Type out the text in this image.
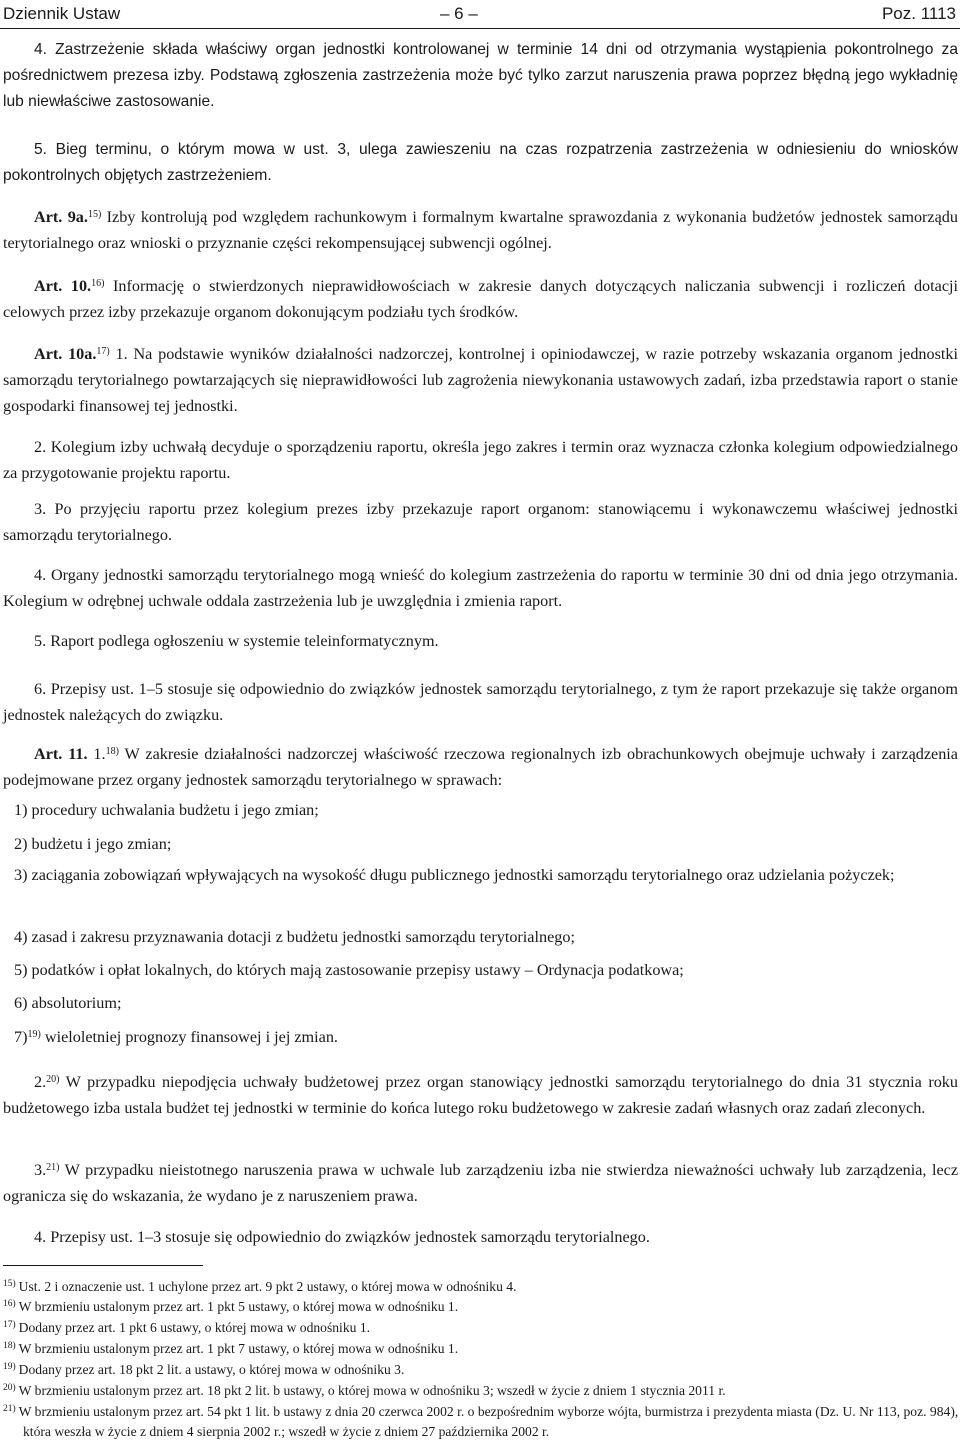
Dziennik Ustaw	– 6 –	Poz. 1113

4. Zastrzeżenie składa właściwy organ jednostki kontrolowanej w terminie 14 dni od otrzymania wystąpienia pokontrolnego za pośrednictwem prezesa izby. Podstawą zgłoszenia zastrzeżenia może być tylko zarzut naruszenia prawa poprzez błędną jego wykładnię lub niewłaściwe zastosowanie.

5. Bieg terminu, o którym mowa w ust. 3, ulega zawieszeniu na czas rozpatrzenia zastrzeżenia w odniesieniu do wniosków pokontrolnych objętych zastrzeżeniem.

Art. 9a.$^{15)}$ Izby kontrolują pod względem rachunkowym i formalnym kwartalne sprawozdania z wykonania budżetów jednostek samorządu terytorialnego oraz wnioski o przyznanie części rekompensującej subwencji ogólnej.

Art. 10.$^{16)}$ Informację o stwierdzonych nieprawidłowościach w zakresie danych dotyczących naliczania subwencji i rozliczeń dotacji celowych przez izby przekazuje organom dokonującym podziału tych środków.

Art. 10a.$^{17)}$ 1. Na podstawie wyników działalności nadzorczej, kontrolnej i opiniodawczej, w razie potrzeby wskazania organom jednostki samorządu terytorialnego powtarzających się nieprawidłowości lub zagrożenia niewykonania ustawowych zadań, izba przedstawia raport o stanie gospodarki finansowej tej jednostki.

2. Kolegium izby uchwałą decyduje o sporządzeniu raportu, określa jego zakres i termin oraz wyznacza członka kolegium odpowiedzialnego za przygotowanie projektu raportu.

3. Po przyjęciu raportu przez kolegium prezes izby przekazuje raport organom: stanowiącemu i wykonawczemu właściwej jednostki samorządu terytorialnego.

4. Organy jednostki samorządu terytorialnego mogą wnieść do kolegium zastrzeżenia do raportu w terminie 30 dni od dnia jego otrzymania. Kolegium w odrębnej uchwale oddala zastrzeżenia lub je uwzględnia i zmienia raport.

5. Raport podlega ogłoszeniu w systemie teleinformatycznym.

6. Przepisy ust. 1–5 stosuje się odpowiednio do związków jednostek samorządu terytorialnego, z tym że raport przekazuje się także organom jednostek należących do związku.

Art. 11. 1.$^{18)}$ W zakresie działalności nadzorczej właściwość rzeczowa regionalnych izb obrachunkowych obejmuje uchwały i zarządzenia podejmowane przez organy jednostek samorządu terytorialnego w sprawach:

1) procedury uchwalania budżetu i jego zmian;

2) budżetu i jego zmian;

3) zaciągania zobowiązań wpływających na wysokość długu publicznego jednostki samorządu terytorialnego oraz udzielania pożyczek;

4) zasad i zakresu przyznawania dotacji z budżetu jednostki samorządu terytorialnego;

5) podatków i opłat lokalnych, do których mają zastosowanie przepisy ustawy – Ordynacja podatkowa;

6) absolutorium;

7)$^{19)}$ wieloletniej prognozy finansowej i jej zmian.

2.$^{20)}$ W przypadku niepodjęcia uchwały budżetowej przez organ stanowiący jednostki samorządu terytorialnego do dnia 31 stycznia roku budżetowego izba ustala budżet tej jednostki w terminie do końca lutego roku budżetowego w zakresie zadań własnych oraz zadań zleconych.

3.$^{21)}$ W przypadku nieistotnego naruszenia prawa w uchwale lub zarządzeniu izba nie stwierdza nieważności uchwały lub zarządzenia, lecz ogranicza się do wskazania, że wydano je z naruszeniem prawa.

4. Przepisy ust. 1–3 stosuje się odpowiednio do związków jednostek samorządu terytorialnego.

$^{15)}$ Ust. 2 i oznaczenie ust. 1 uchylone przez art. 9 pkt 2 ustawy, o której mowa w odnośniku 4.

$^{16)}$ W brzmieniu ustalonym przez art. 1 pkt 5 ustawy, o której mowa w odnośniku 1.

$^{17)}$ Dodany przez art. 1 pkt 6 ustawy, o której mowa w odnośniku 1.

$^{18)}$ W brzmieniu ustalonym przez art. 1 pkt 7 ustawy, o której mowa w odnośniku 1.

$^{19)}$ Dodany przez art. 18 pkt 2 lit. a ustawy, o której mowa w odnośniku 3.

$^{20)}$ W brzmieniu ustalonym przez art. 18 pkt 2 lit. b ustawy, o której mowa w odnośniku 3; wszedł w życie z dniem 1 stycznia 2011 r.

$^{21)}$ W brzmieniu ustalonym przez art. 54 pkt 1 lit. b ustawy z dnia 20 czerwca 2002 r. o bezpośrednim wyborze wójta, burmistrza i prezydenta miasta (Dz. U. Nr 113, poz. 984), która weszła w życie z dniem 4 sierpnia 2002 r.; wszedł w życie z dniem 27 października 2002 r.
